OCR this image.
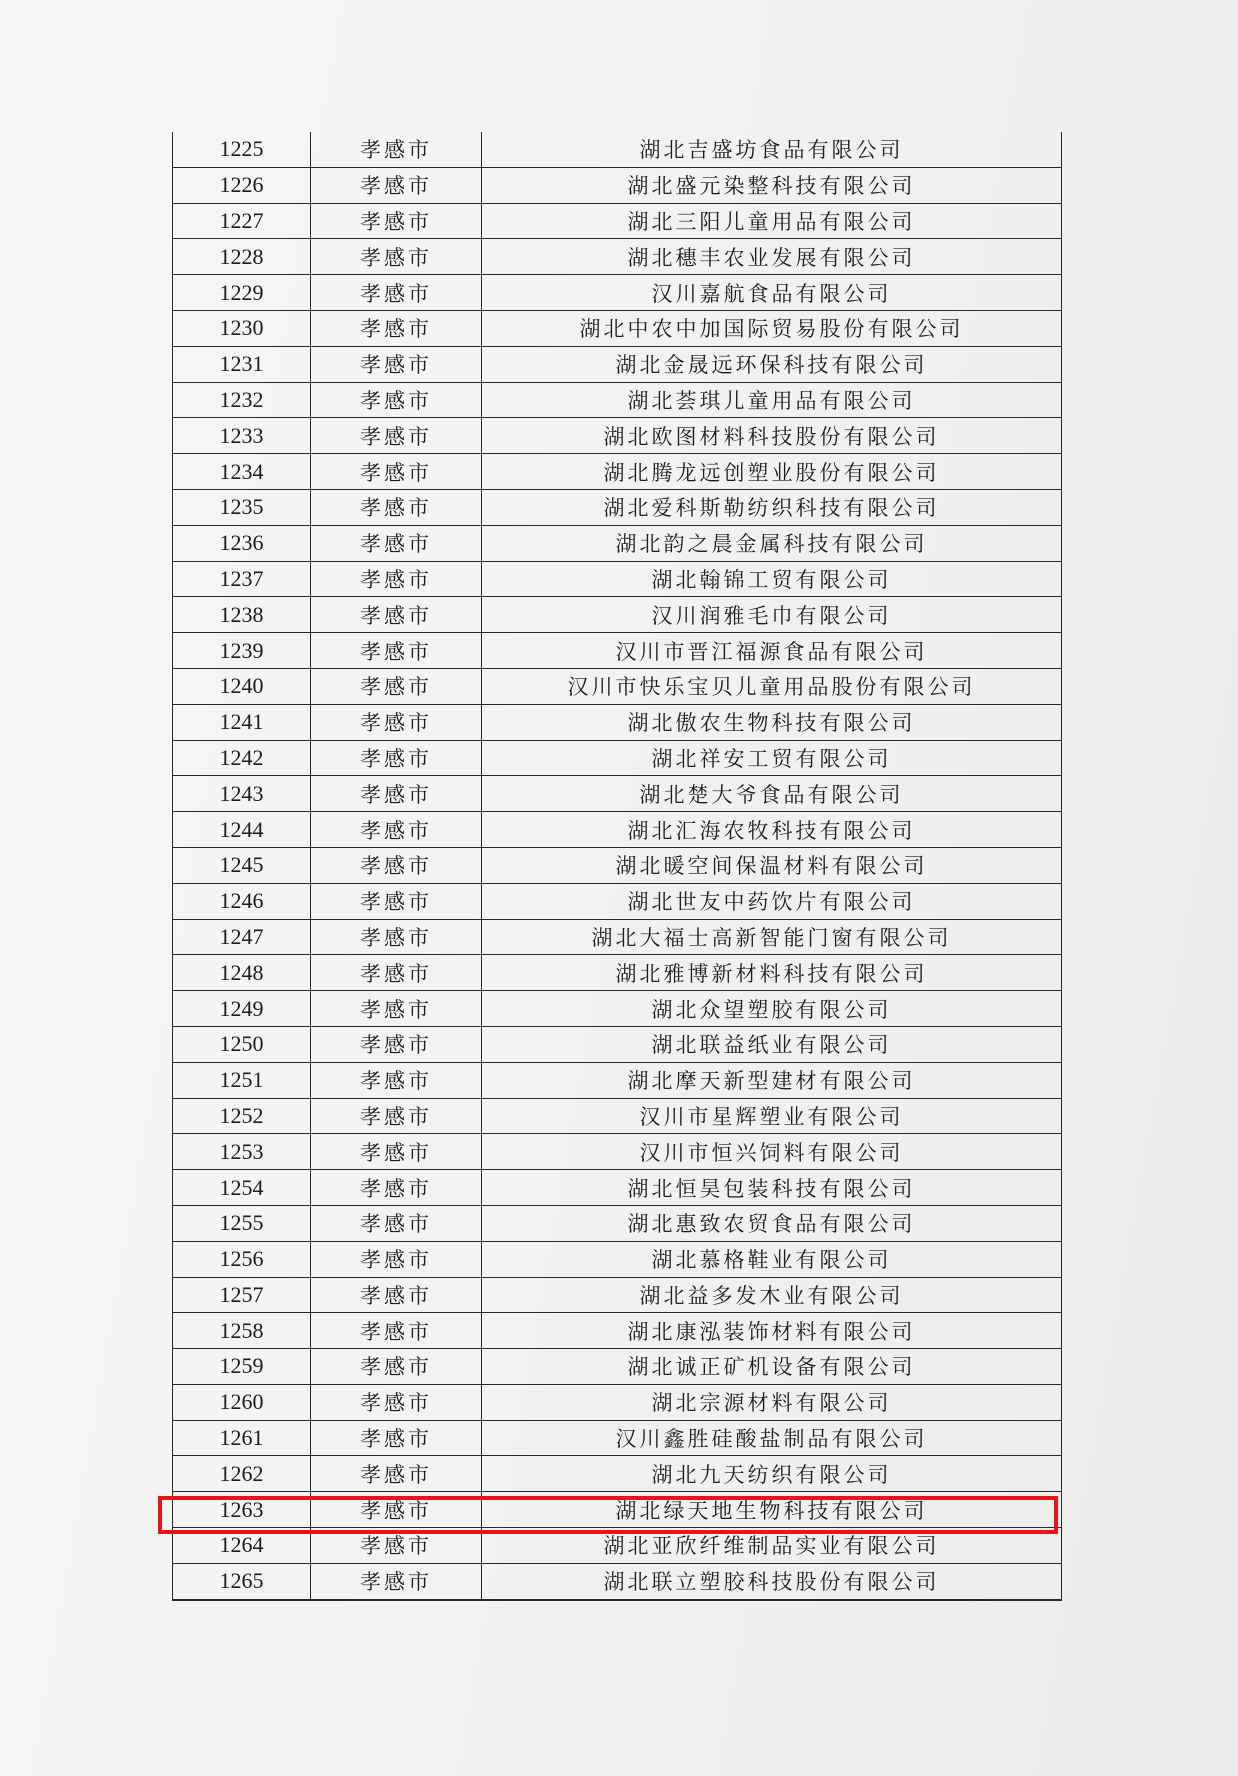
1225	孝感市	湖北吉盛坊食品有限公司
1226	孝感市	湖北盛元染整科技有限公司
1227	孝感市	湖北三阳儿童用品有限公司
1228	孝感市	湖北穗丰农业发展有限公司
1229	孝感市	汉川嘉航食品有限公司
1230	孝感市	湖北中农中加国际贸易股份有限公司
1231	孝感市	湖北金晟远环保科技有限公司
1232	孝感市	湖北荟琪儿童用品有限公司
1233	孝感市	湖北欧图材料科技股份有限公司
1234	孝感市	湖北腾龙远创塑业股份有限公司
1235	孝感市	湖北爱科斯勒纺织科技有限公司
1236	孝感市	湖北韵之晨金属科技有限公司
1237	孝感市	湖北翰锦工贸有限公司
1238	孝感市	汉川润雅毛巾有限公司
1239	孝感市	汉川市晋江福源食品有限公司
1240	孝感市	汉川市快乐宝贝儿童用品股份有限公司
1241	孝感市	湖北傲农生物科技有限公司
1242	孝感市	湖北祥安工贸有限公司
1243	孝感市	湖北楚大爷食品有限公司
1244	孝感市	湖北汇海农牧科技有限公司
1245	孝感市	湖北暖空间保温材料有限公司
1246	孝感市	湖北世友中药饮片有限公司
1247	孝感市	湖北大福士高新智能门窗有限公司
1248	孝感市	湖北雅博新材料科技有限公司
1249	孝感市	湖北众望塑胶有限公司
1250	孝感市	湖北联益纸业有限公司
1251	孝感市	湖北摩天新型建材有限公司
1252	孝感市	汉川市星辉塑业有限公司
1253	孝感市	汉川市恒兴饲料有限公司
1254	孝感市	湖北恒昊包装科技有限公司
1255	孝感市	湖北惠致农贸食品有限公司
1256	孝感市	湖北慕格鞋业有限公司
1257	孝感市	湖北益多发木业有限公司
1258	孝感市	湖北康泓装饰材料有限公司
1259	孝感市	湖北诚正矿机设备有限公司
1260	孝感市	湖北宗源材料有限公司
1261	孝感市	汉川鑫胜硅酸盐制品有限公司
1262	孝感市	湖北九天纺织有限公司
1263	孝感市	湖北绿天地生物科技有限公司
1264	孝感市	湖北亚欣纤维制品实业有限公司
1265	孝感市	湖北联立塑胶科技股份有限公司
